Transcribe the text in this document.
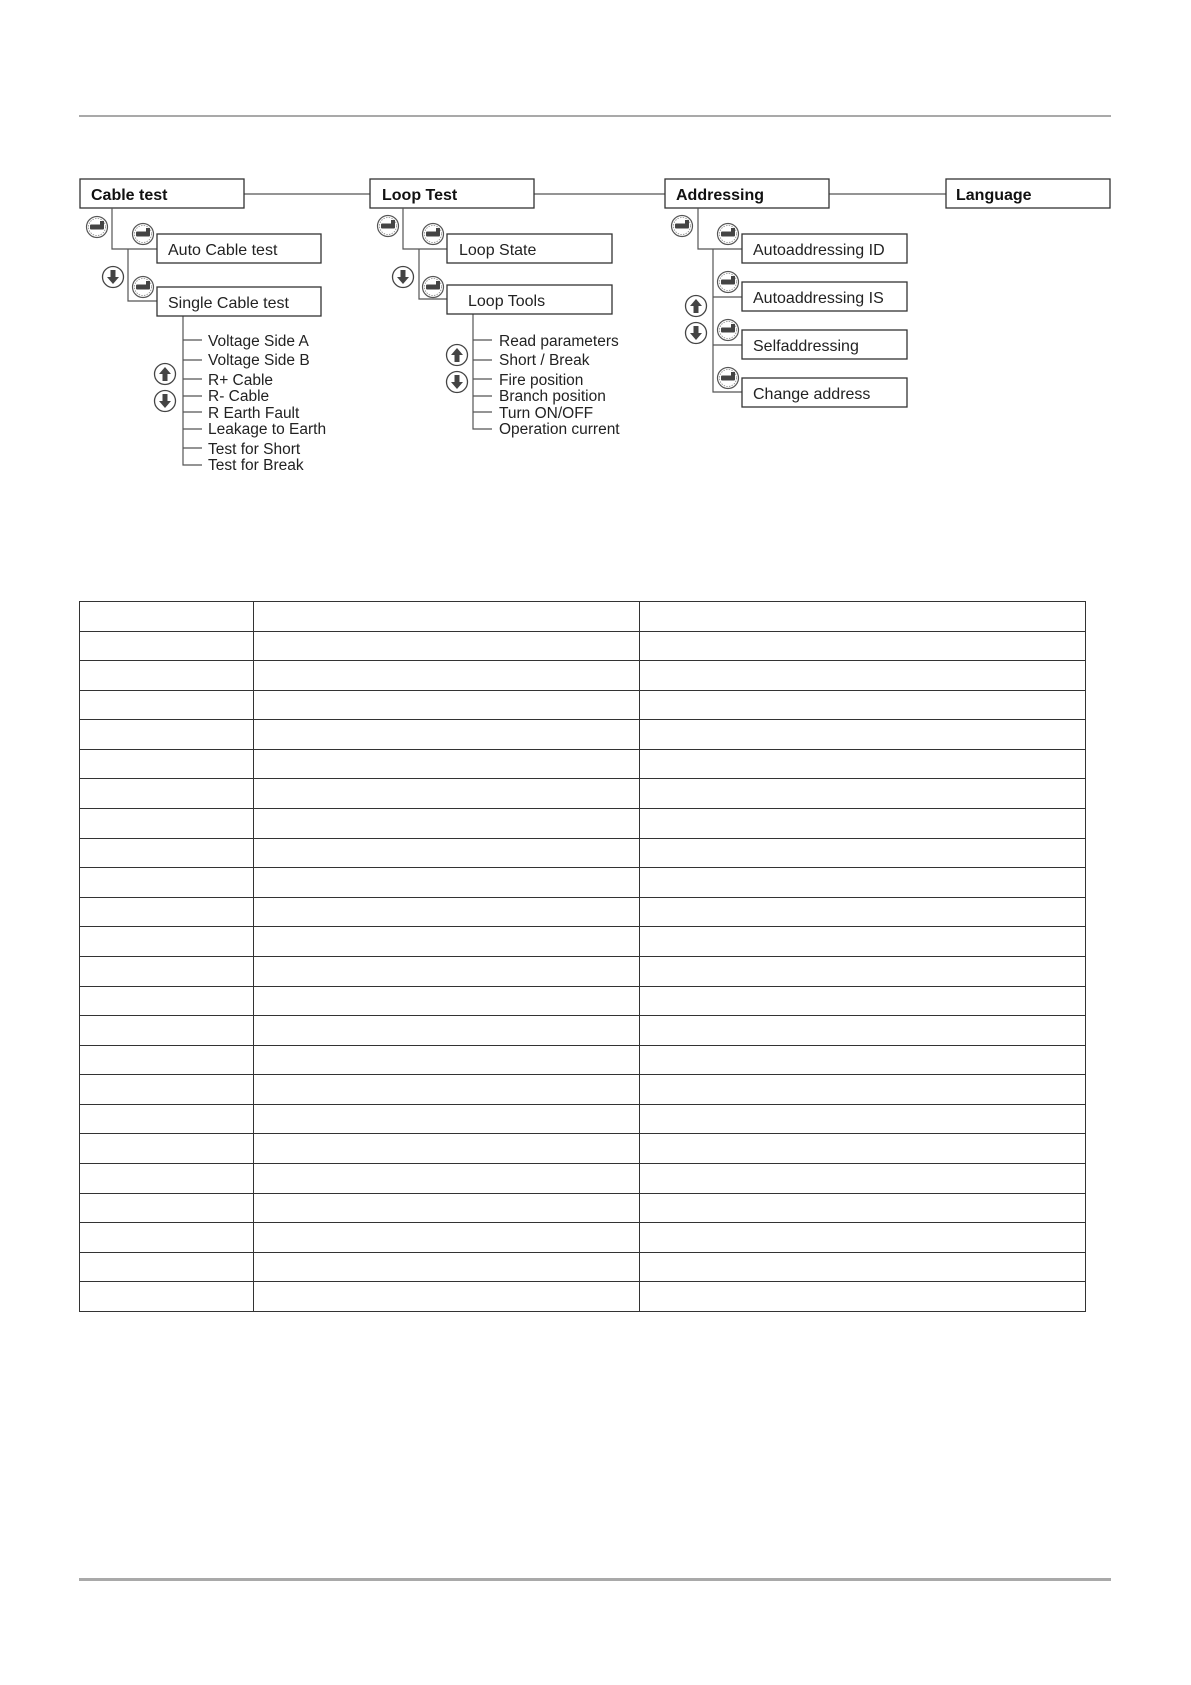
Cable test
Auto Cable test
Single Cable test
Voltage Side A
Voltage Side B
R+ Cable
R- Cable
R Earth Fault
Leakage to Earth
Test for Short
Test for Break
Loop Test
Loop State
Loop Tools
Read parameters
Short / Break
Fire position
Branch position
Turn ON/OFF
Operation current
Addressing
Autoaddressing ID
Autoaddressing IS
Selfaddressing
Change address
Language
